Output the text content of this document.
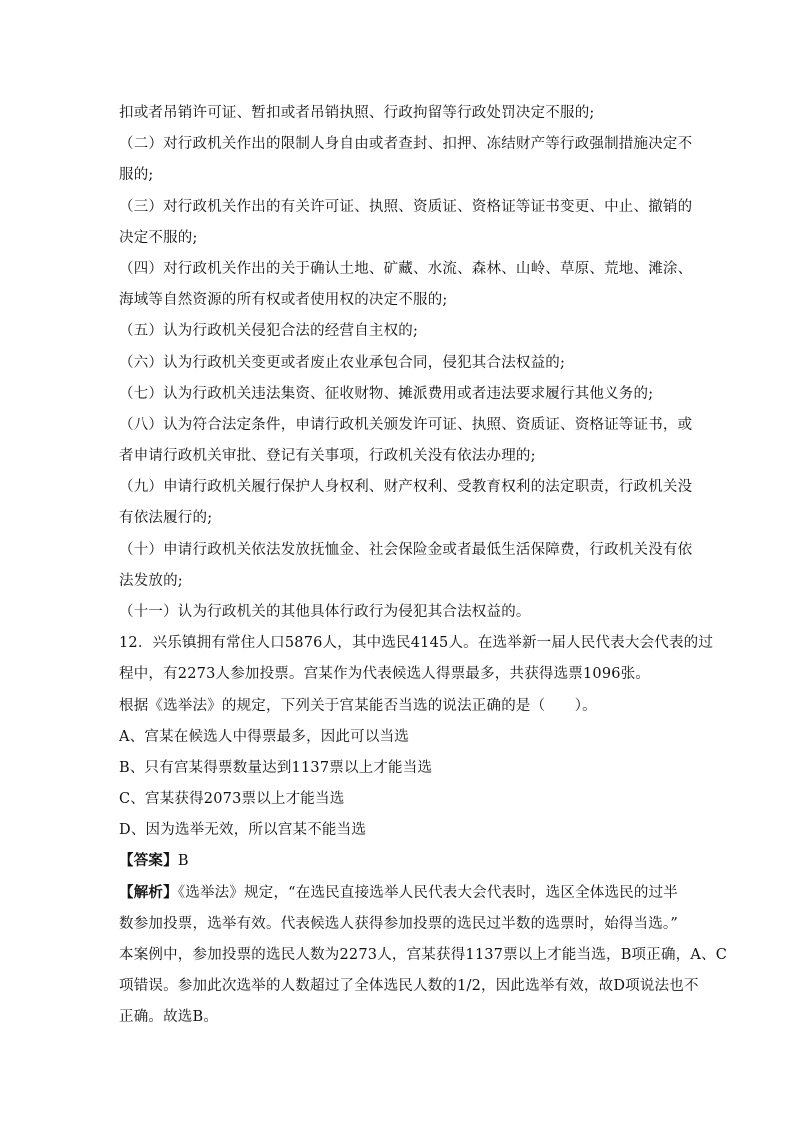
扣或者吊销许可证、暂扣或者吊销执照、行政拘留等行政处罚决定不服的;
（二）对行政机关作出的限制人身自由或者查封、扣押、冻结财产等行政强制措施决定不
服的;
（三）对行政机关作出的有关许可证、执照、资质证、资格证等证书变更、中止、撤销的
决定不服的;
（四）对行政机关作出的关于确认土地、矿藏、水流、森林、山岭、草原、荒地、滩涂、
海域等自然资源的所有权或者使用权的决定不服的;
（五）认为行政机关侵犯合法的经营自主权的;
（六）认为行政机关变更或者废止农业承包合同，侵犯其合法权益的;
（七）认为行政机关违法集资、征收财物、摊派费用或者违法要求履行其他义务的;
（八）认为符合法定条件，申请行政机关颁发许可证、执照、资质证、资格证等证书，或
者申请行政机关审批、登记有关事项，行政机关没有依法办理的;
（九）申请行政机关履行保护人身权利、财产权利、受教育权利的法定职责，行政机关没
有依法履行的;
（十）申请行政机关依法发放抚恤金、社会保险金或者最低生活保障费，行政机关没有依
法发放的;
（十一）认为行政机关的其他具体行政行为侵犯其合法权益的。
12．兴乐镇拥有常住人口5876人，其中选民4145人。在选举新一届人民代表大会代表的过
程中，有2273人参加投票。宫某作为代表候选人得票最多，共获得选票1096张。
根据《选举法》的规定，下列关于宫某能否当选的说法正确的是（　　）。
A、宫某在候选人中得票最多，因此可以当选
B、只有宫某得票数量达到1137票以上才能当选
C、宫某获得2073票以上才能当选
D、因为选举无效，所以宫某不能当选
【答案】B
【解析】《选举法》规定，“在选民直接选举人民代表大会代表时，选区全体选民的过半
数参加投票，选举有效。代表候选人获得参加投票的选民过半数的选票时，始得当选。”
本案例中，参加投票的选民人数为2273人，宫某获得1137票以上才能当选，B项正确，A、C
项错误。参加此次选举的人数超过了全体选民人数的1/2，因此选举有效，故D项说法也不
正确。故选B。
